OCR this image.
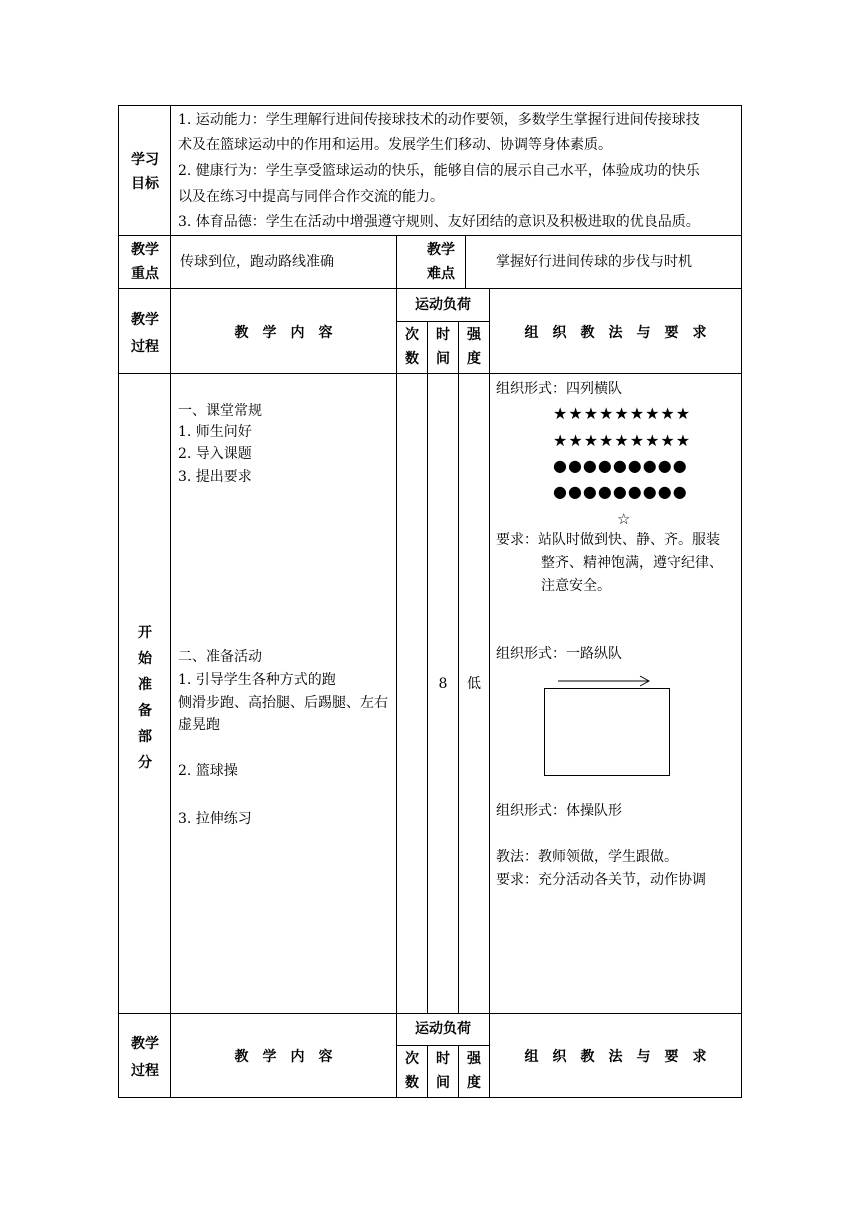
学习目标
1. 运动能力：学生理解行进间传接球技术的动作要领，多数学生掌握行进间传接球技
术及在篮球运动中的作用和运用。发展学生们移动、协调等身体素质。
2. 健康行为：学生享受篮球运动的快乐，能够自信的展示自己水平，体验成功的快乐
以及在练习中提高与同伴合作交流的能力。
3. 体育品德：学生在活动中增强遵守规则、友好团结的意识及积极进取的优良品质。
教学重点
传球到位，跑动路线准确
教学难点
掌握好行进间传球的步伐与时机
教学过程
教　学　内　容
运动负荷
次数
时间
强度
组　织　教　法　与　要　求
开始准备部分
一、课堂常规
1. 师生问好
2. 导入课题
3. 提出要求
二、准备活动
1. 引导学生各种方式的跑
侧滑步跑、高抬腿、后踢腿、左右虚晃跑
2. 篮球操
3. 拉伸练习
8	低
组织形式：四列横队
★★★★★★★★★
★★★★★★★★★
●●●●●●●●●
●●●●●●●●●
☆
要求：站队时做到快、静、齐。服装
整齐、精神饱满，遵守纪律、
注意安全。
组织形式：一路纵队
组织形式：体操队形
教法：教师领做，学生跟做。
要求：充分活动各关节，动作协调
教学过程
教　学　内　容
运动负荷
次数
时间
强度
组　织　教　法　与　要　求
